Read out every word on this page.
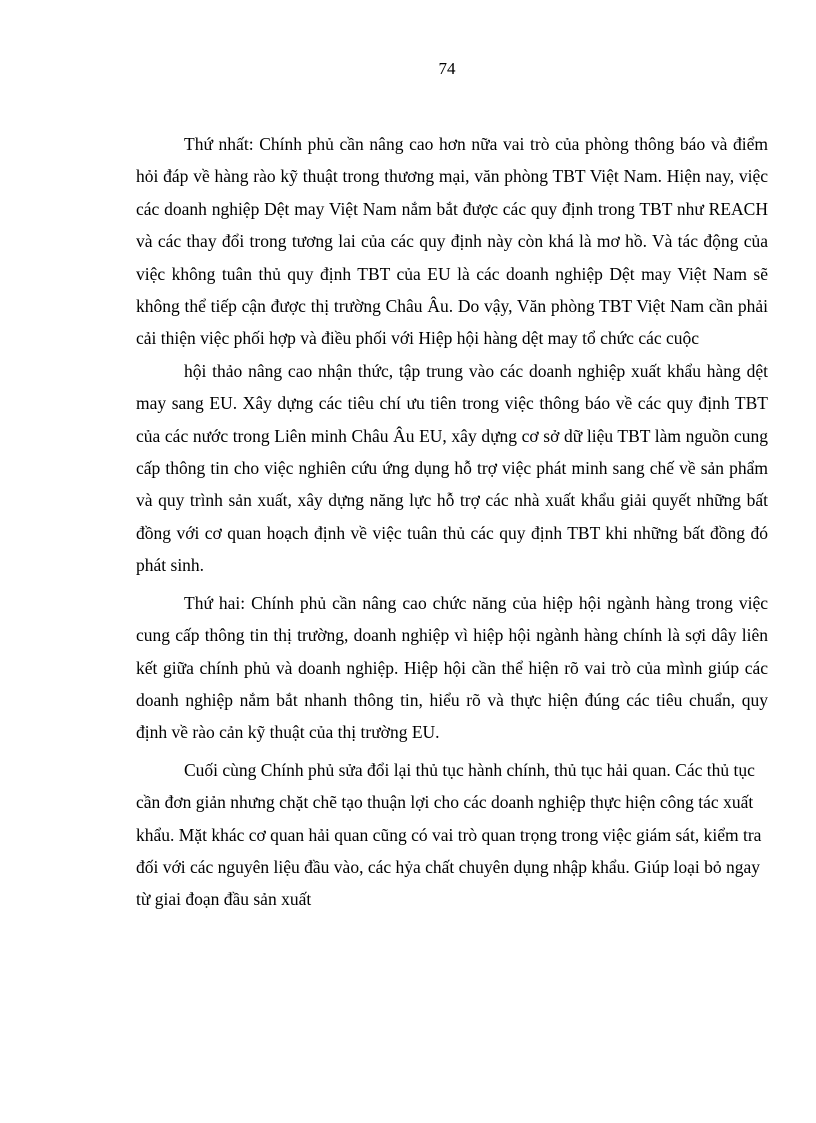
74

Thứ nhất: Chính phủ cần nâng cao hơn nữa vai trò của phòng thông báo và điểm hỏi đáp về hàng rào kỹ thuật trong thương mại, văn phòng TBT Việt Nam. Hiện nay, việc các doanh nghiệp Dệt may Việt Nam nắm bắt được các quy định trong TBT như REACH và các thay đổi trong tương lai của các quy định này còn khá là mơ hồ. Và tác động của việc không tuân thủ quy định TBT của EU là các doanh nghiệp Dệt may Việt Nam sẽ không thể tiếp cận được thị trường Châu Âu. Do vậy, Văn phòng TBT Việt Nam cần phải cải thiện việc phối hợp và điều phối với Hiệp hội hàng dệt may tổ chức các cuộc

hội thảo nâng cao nhận thức, tập trung vào các doanh nghiệp xuất khẩu hàng dệt may sang EU. Xây dựng các tiêu chí ưu tiên trong việc thông báo về các quy định TBT của các nước trong Liên minh Châu Âu EU, xây dựng cơ sở dữ liệu TBT làm nguồn cung cấp thông tin cho việc nghiên cứu ứng dụng hỗ trợ việc phát minh sang chế về sản phẩm và quy trình sản xuất, xây dựng năng lực hỗ trợ các nhà xuất khẩu giải quyết những bất đồng với cơ quan hoạch định về việc tuân thủ các quy định TBT khi những bất đồng đó phát sinh.

Thứ hai: Chính phủ cần nâng cao chức năng của hiệp hội ngành hàng trong việc cung cấp thông tin thị trường, doanh nghiệp vì hiệp hội ngành hàng chính là sợi dây liên kết giữa chính phủ và doanh nghiệp. Hiệp hội cần thể hiện rõ vai trò của mình giúp các doanh nghiệp nắm bắt nhanh thông tin, hiểu rõ và thực hiện đúng các tiêu chuẩn, quy định về rào cản kỹ thuật của thị trường EU.

Cuối cùng Chính phủ sửa đổi lại thủ tục hành chính, thủ tục hải quan. Các thủ tục cần đơn giản nhưng chặt chẽ tạo thuận lợi cho các doanh nghiệp thực hiện công tác xuất khẩu. Mặt khác cơ quan hải quan cũng có vai trò quan trọng trong việc giám sát, kiểm tra đối với các nguyên liệu đầu vào, các hỷa chất chuyên dụng nhập khẩu. Giúp loại bỏ ngay từ giai đoạn đầu sản xuất
